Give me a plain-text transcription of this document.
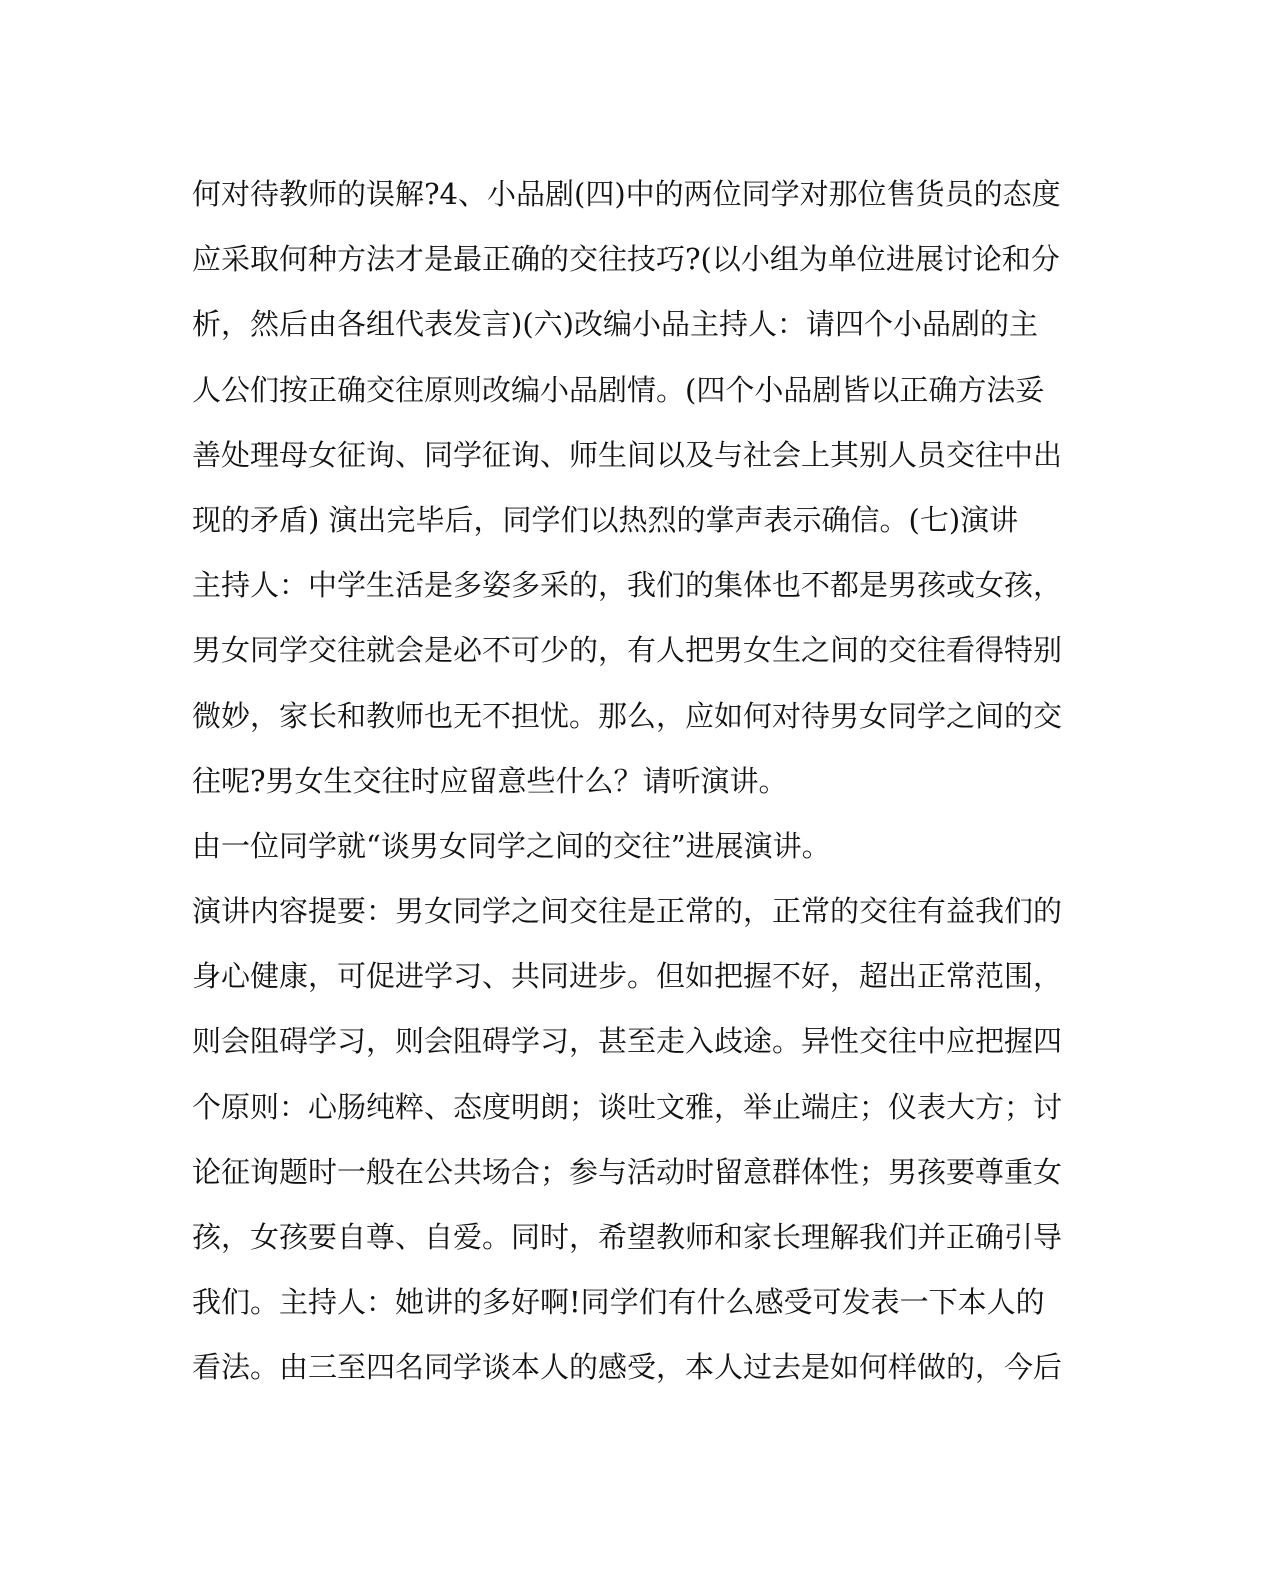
何对待教师的误解?4、小品剧(四)中的两位同学对那位售货员的态度
应采取何种方法才是最正确的交往技巧?(以小组为单位进展讨论和分
析，然后由各组代表发言)(六)改编小品主持人：请四个小品剧的主
人公们按正确交往原则改编小品剧情。(四个小品剧皆以正确方法妥
善处理母女征询、同学征询、师生间以及与社会上其别人员交往中出
现的矛盾) 演出完毕后，同学们以热烈的掌声表示确信。(七)演讲
主持人：中学生活是多姿多采的，我们的集体也不都是男孩或女孩，
男女同学交往就会是必不可少的，有人把男女生之间的交往看得特别
微妙，家长和教师也无不担忧。那么，应如何对待男女同学之间的交
往呢?男女生交往时应留意些什么？请听演讲。
由一位同学就“谈男女同学之间的交往”进展演讲。
演讲内容提要：男女同学之间交往是正常的，正常的交往有益我们的
身心健康，可促进学习、共同进步。但如把握不好，超出正常范围，
则会阻碍学习，则会阻碍学习，甚至走入歧途。异性交往中应把握四
个原则：心肠纯粹、态度明朗；谈吐文雅，举止端庄；仪表大方；讨
论征询题时一般在公共场合；参与活动时留意群体性；男孩要尊重女
孩，女孩要自尊、自爱。同时，希望教师和家长理解我们并正确引导
我们。主持人：她讲的多好啊!同学们有什么感受可发表一下本人的
看法。由三至四名同学谈本人的感受，本人过去是如何样做的，今后
